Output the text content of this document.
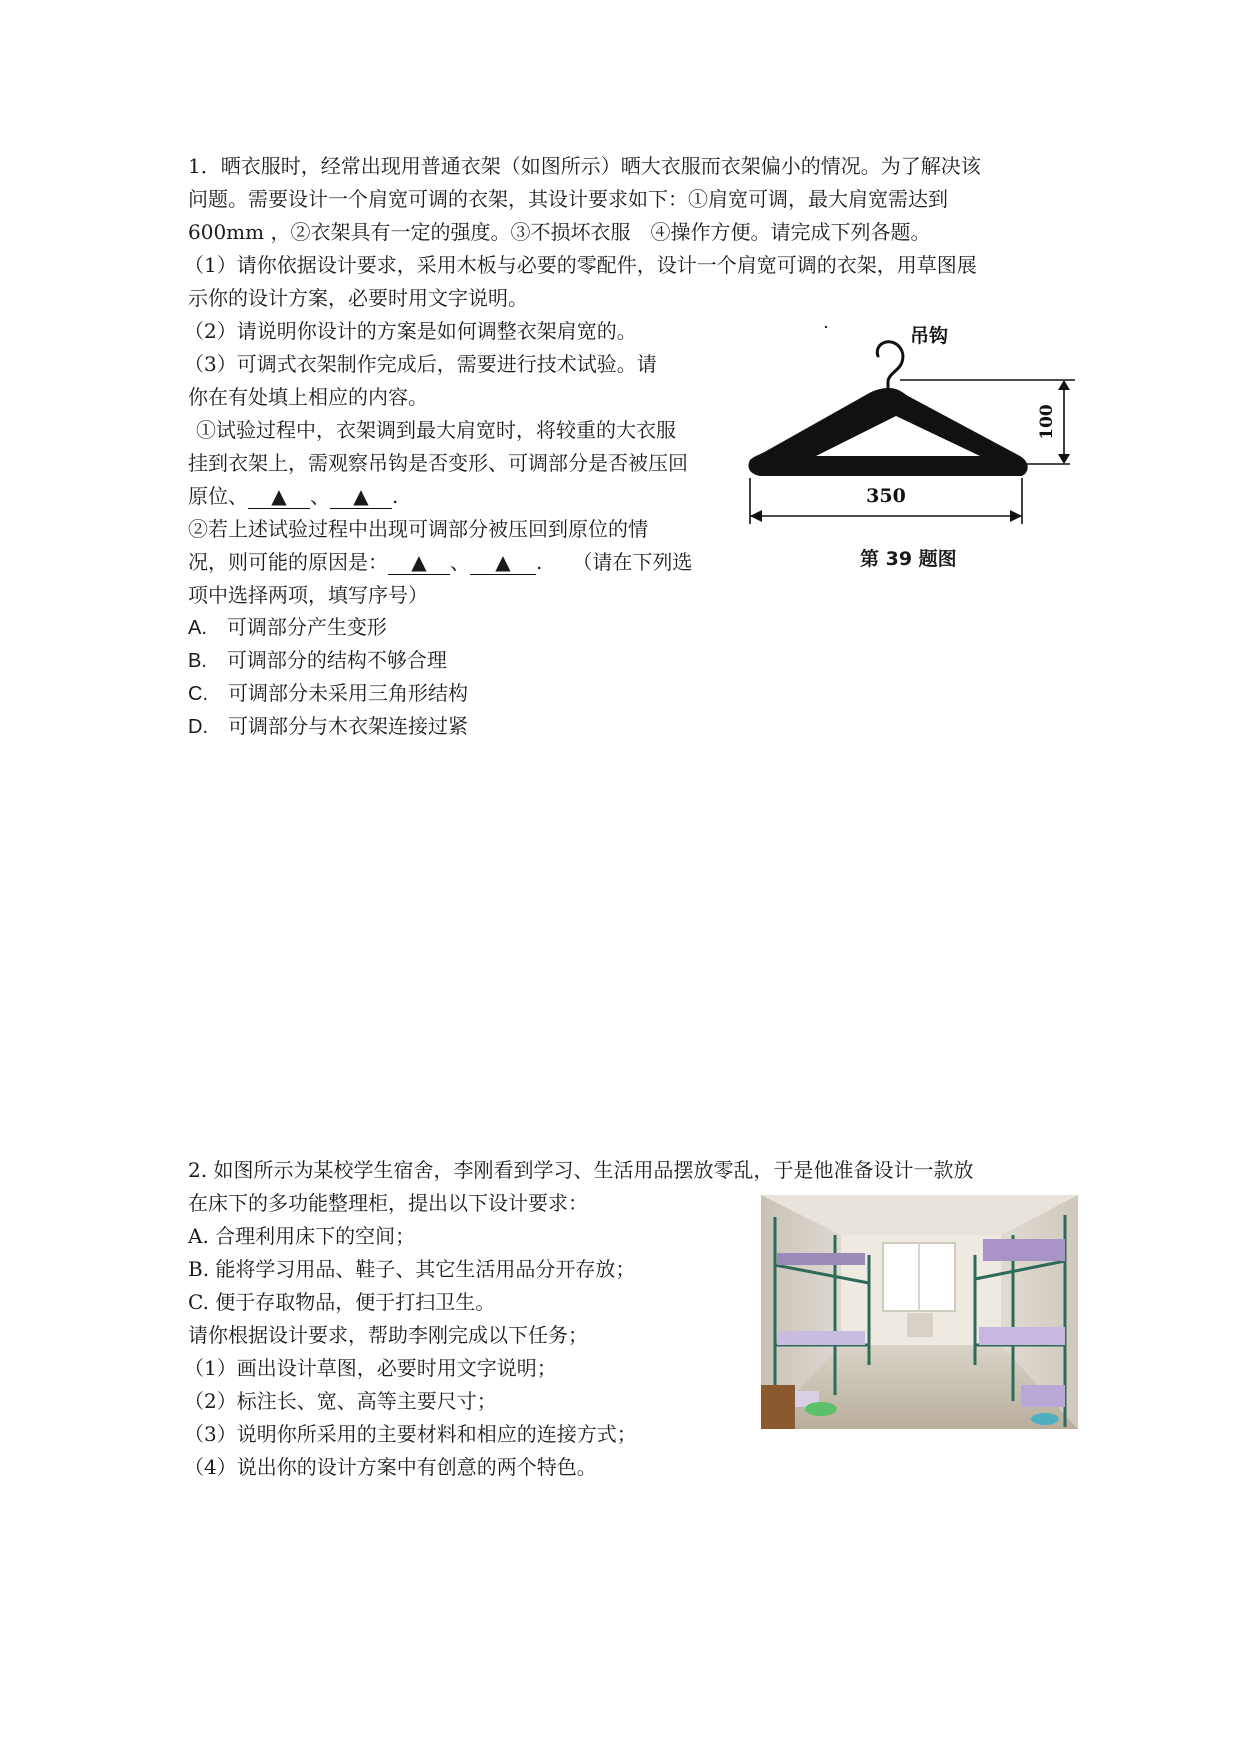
1．晒衣服时，经常出现用普通衣架（如图所示）晒大衣服而衣架偏小的情况。为了解决该
问题。需要设计一个肩宽可调的衣架，其设计要求如下：①肩宽可调，最大肩宽需达到
600mm ，②衣架具有一定的强度。③不损坏衣服　④操作方便。请完成下列各题。
（1）请你依据设计要求，采用木板与必要的零配件，设计一个肩宽可调的衣架，用草图展
示你的设计方案，必要时用文字说明。
（2）请说明你设计的方案是如何调整衣架肩宽的。
（3）可调式衣架制作完成后，需要进行技术试验。请
你在有处填上相应的内容。
①试验过程中，衣架调到最大肩宽时，将较重的大衣服
挂到衣架上，需观察吊钩是否变形、可调部分是否被压回
原位、 ▲ 、 ▲ .
②若上述试验过程中出现可调部分被压回到原位的情
况，则可能的原因是： ▲ 、 ▲ . （请在下列选
项中选择两项，填写序号）
A.　可调部分产生变形
B.　可调部分的结构不够合理
C.　可调部分未采用三角形结构
D.　可调部分与木衣架连接过紧
吊钩
350
100
第 39 题图
2. 如图所示为某校学生宿舍，李刚看到学习、生活用品摆放零乱，于是他准备设计一款放
在床下的多功能整理柜，提出以下设计要求：
A. 合理利用床下的空间；
B. 能将学习用品、鞋子、其它生活用品分开存放；
C. 便于存取物品，便于打扫卫生。
请你根据设计要求，帮助李刚完成以下任务；
（1）画出设计草图，必要时用文字说明；
（2）标注长、宽、高等主要尺寸；
（3）说明你所采用的主要材料和相应的连接方式；
（4）说出你的设计方案中有创意的两个特色。
